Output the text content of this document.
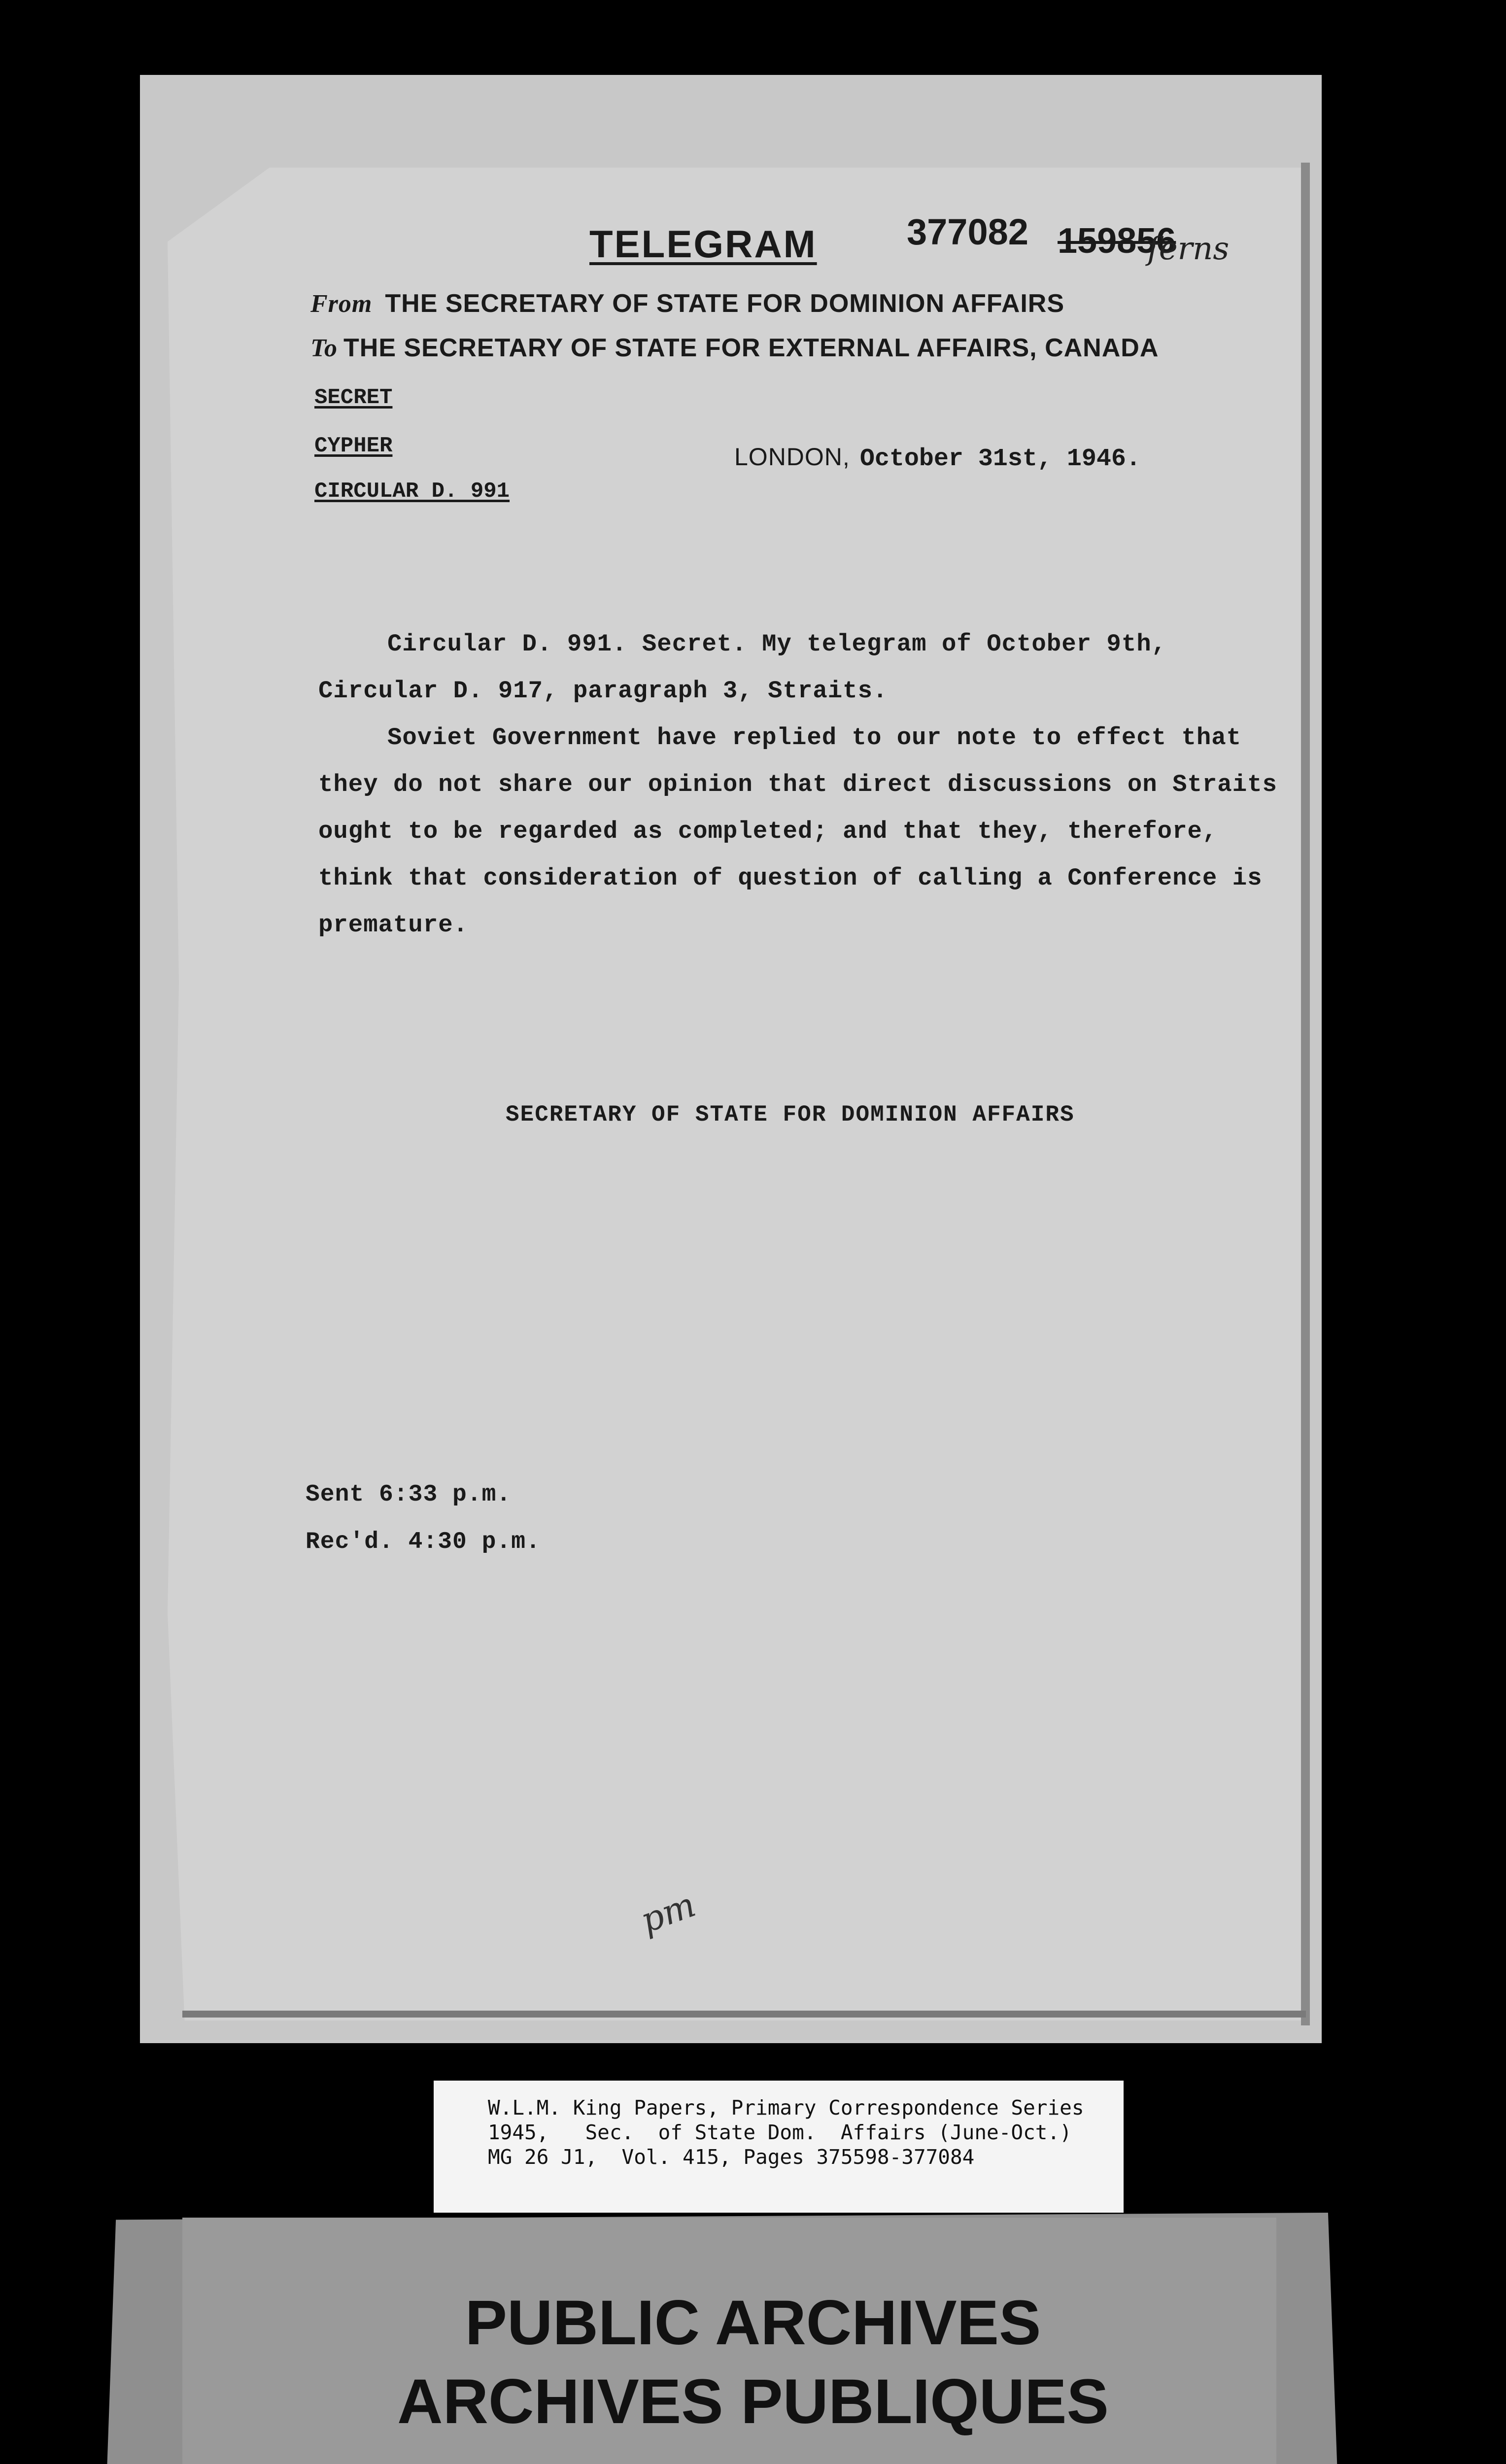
TELEGRAM 377082 159856
ferns
From THE SECRETARY OF STATE FOR DOMINION AFFAIRS
To THE SECRETARY OF STATE FOR EXTERNAL AFFAIRS, CANADA
SECRET
CYPHER
CIRCULAR D. 991
LONDON, October 31st, 1946.

Circular D. 991. Secret. My telegram of October 9th, Circular D. 917, paragraph 3, Straits.

Soviet Government have replied to our note to effect that they do not share our opinion that direct discussions on Straits ought to be regarded as completed; and that they, therefore, think that consideration of question of calling a Conference is premature.

SECRETARY OF STATE FOR DOMINION AFFAIRS
Sent 6:33 p.m.
Rec'd. 4:30 p.m.
pm
W.L.M. King Papers, Primary Correspondence Series
1945,   Sec.  of State Dom.  Affairs (June-Oct.)
MG 26 J1,  Vol. 415, Pages 375598-377084
PUBLIC ARCHIVES
ARCHIVES PUBLIQUES
